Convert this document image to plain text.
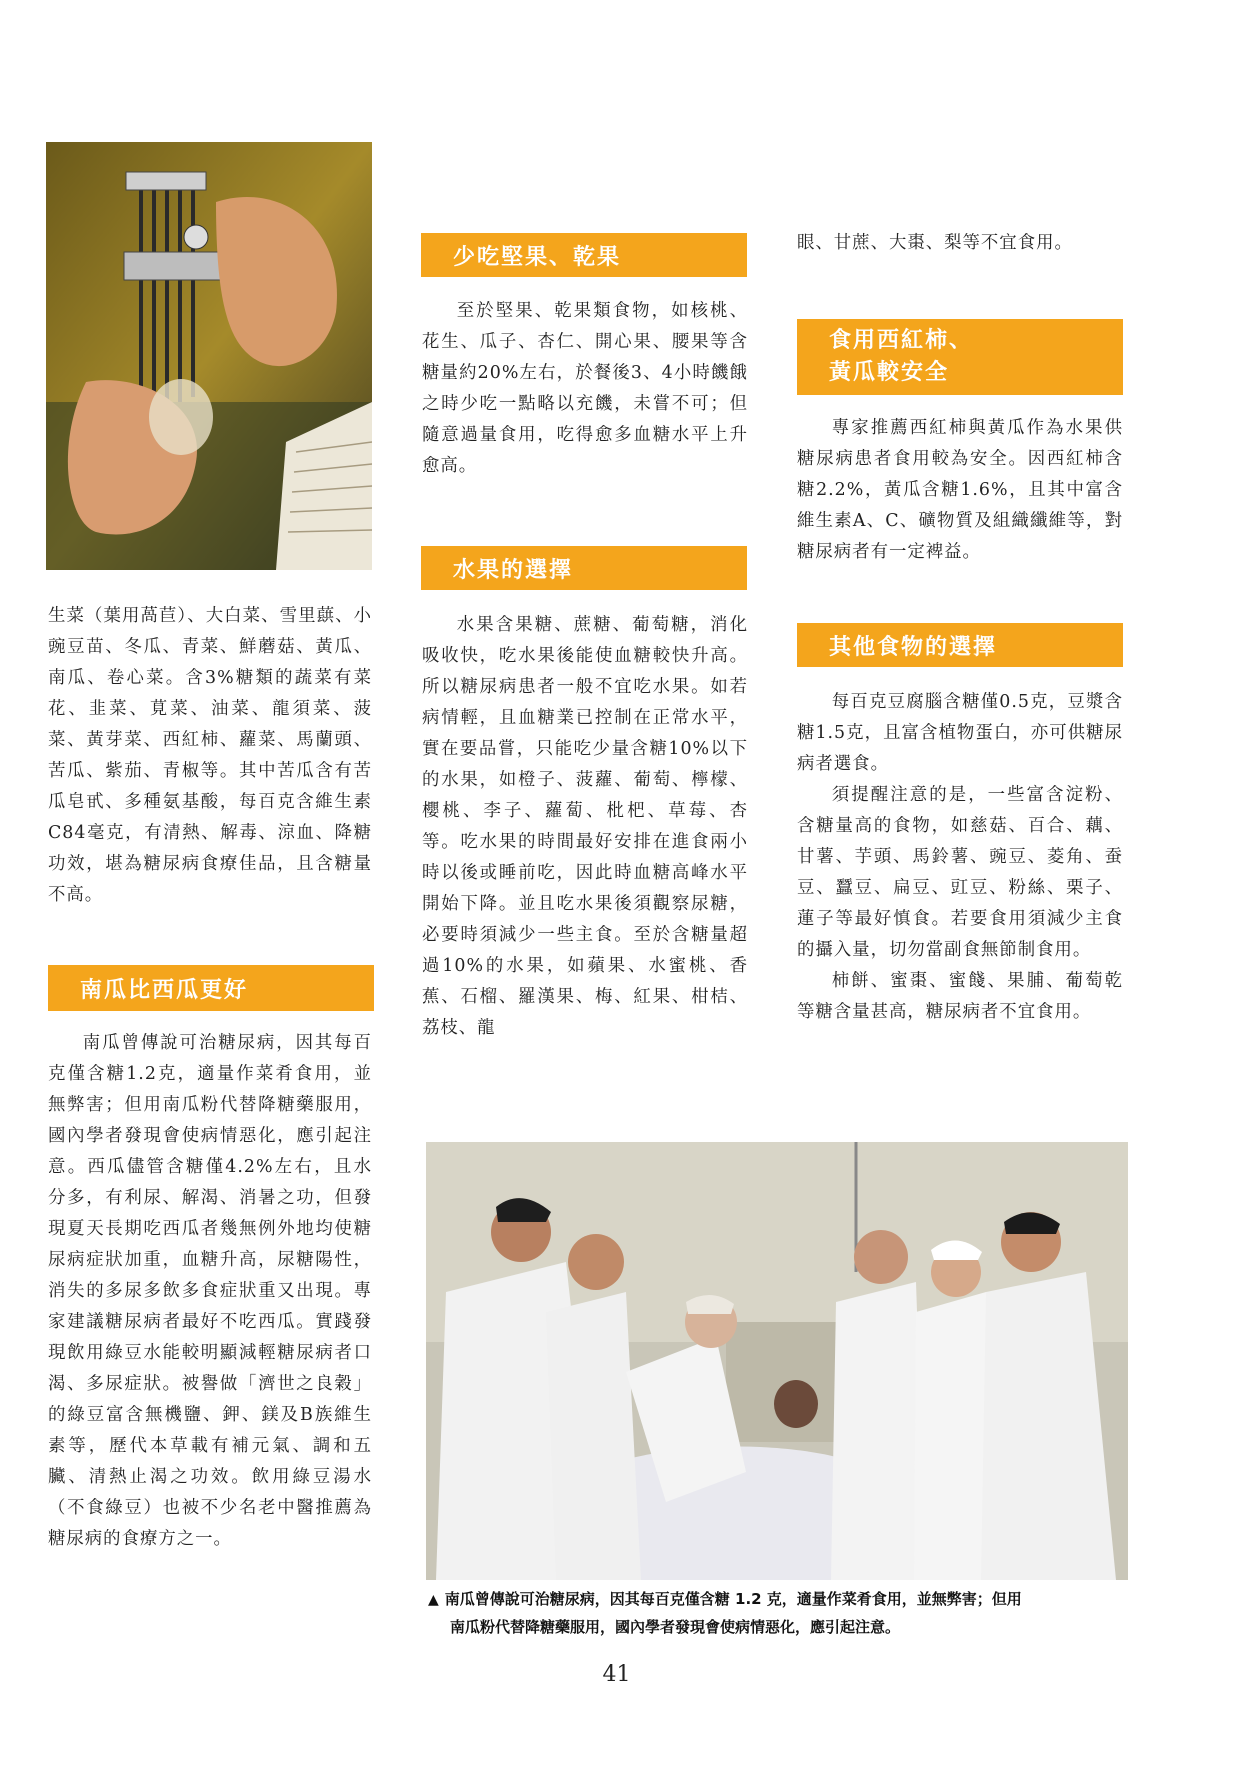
生菜（葉用萵苣）、大白菜、雪里蕻、小豌豆苗、冬瓜、青菜、鮮蘑菇、黃瓜、南瓜、卷心菜。含3%糖類的蔬菜有菜花、韭菜、莧菜、油菜、龍須菜、菠菜、黃芽菜、西紅柿、蘿菜、馬蘭頭、苦瓜、紫茄、青椒等。其中苦瓜含有苦瓜皂甙、多種氨基酸，每百克含維生素C84毫克，有清熱、解毒、涼血、降糖功效，堪為糖尿病食療佳品，且含糖量不高。

南瓜比西瓜更好

南瓜曾傳說可治糖尿病，因其每百克僅含糖1.2克，適量作菜肴食用，並無弊害；但用南瓜粉代替降糖藥服用，國內學者發現會使病情惡化，應引起注意。西瓜儘管含糖僅4.2%左右，且水分多，有利尿、解渴、消暑之功，但發現夏天長期吃西瓜者幾無例外地均使糖尿病症狀加重，血糖升高，尿糖陽性，消失的多尿多飲多食症狀重又出現。專家建議糖尿病者最好不吃西瓜。實踐發現飲用綠豆水能較明顯減輕糖尿病者口渴、多尿症狀。被譽做「濟世之良穀」的綠豆富含無機鹽、鉀、鎂及B族維生素等，歷代本草載有補元氣、調和五臟、清熱止渴之功效。飲用綠豆湯水（不食綠豆）也被不少名老中醫推薦為糖尿病的食療方之一。

少吃堅果、乾果

至於堅果、乾果類食物，如核桃、花生、瓜子、杏仁、開心果、腰果等含糖量約20%左右，於餐後3、4小時饑餓之時少吃一點略以充饑，未嘗不可；但隨意過量食用，吃得愈多血糖水平上升愈高。

水果的選擇

水果含果糖、蔗糖、葡萄糖，消化吸收快，吃水果後能使血糖較快升高。所以糖尿病患者一般不宜吃水果。如若病情輕，且血糖業已控制在正常水平，實在要品嘗，只能吃少量含糖10%以下的水果，如橙子、菠蘿、葡萄、檸檬、櫻桃、李子、蘿蔔、枇杷、草莓、杏等。吃水果的時間最好安排在進食兩小時以後或睡前吃，因此時血糖高峰水平開始下降。並且吃水果後須觀察尿糖，必要時須減少一些主食。至於含糖量超過10%的水果，如蘋果、水蜜桃、香蕉、石榴、羅漢果、梅、紅果、柑桔、荔枝、龍

眼、甘蔗、大棗、梨等不宜食用。

食用西紅柿、
黃瓜較安全

專家推薦西紅柿與黃瓜作為水果供糖尿病患者食用較為安全。因西紅柿含糖2.2%，黃瓜含糖1.6%，且其中富含維生素A、C、礦物質及組織纖維等，對糖尿病者有一定裨益。

其他食物的選擇

每百克豆腐腦含糖僅0.5克，豆漿含糖1.5克，且富含植物蛋白，亦可供糖尿病者選食。

須提醒注意的是，一些富含淀粉、含糖量高的食物，如慈菇、百合、藕、甘薯、芋頭、馬鈴薯、豌豆、菱角、蚕豆、蠶豆、扁豆、豇豆、粉絲、栗子、蓮子等最好慎食。若要食用須減少主食的攝入量，切勿當副食無節制食用。

柿餅、蜜棗、蜜餞、果脯、葡萄乾等糖含量甚高，糖尿病者不宜食用。

▲ 南瓜曾傳說可治糖尿病，因其每百克僅含糖 1.2 克，適量作菜肴食用，並無弊害；但用
南瓜粉代替降糖藥服用，國內學者發現會使病情惡化，應引起注意。
41
